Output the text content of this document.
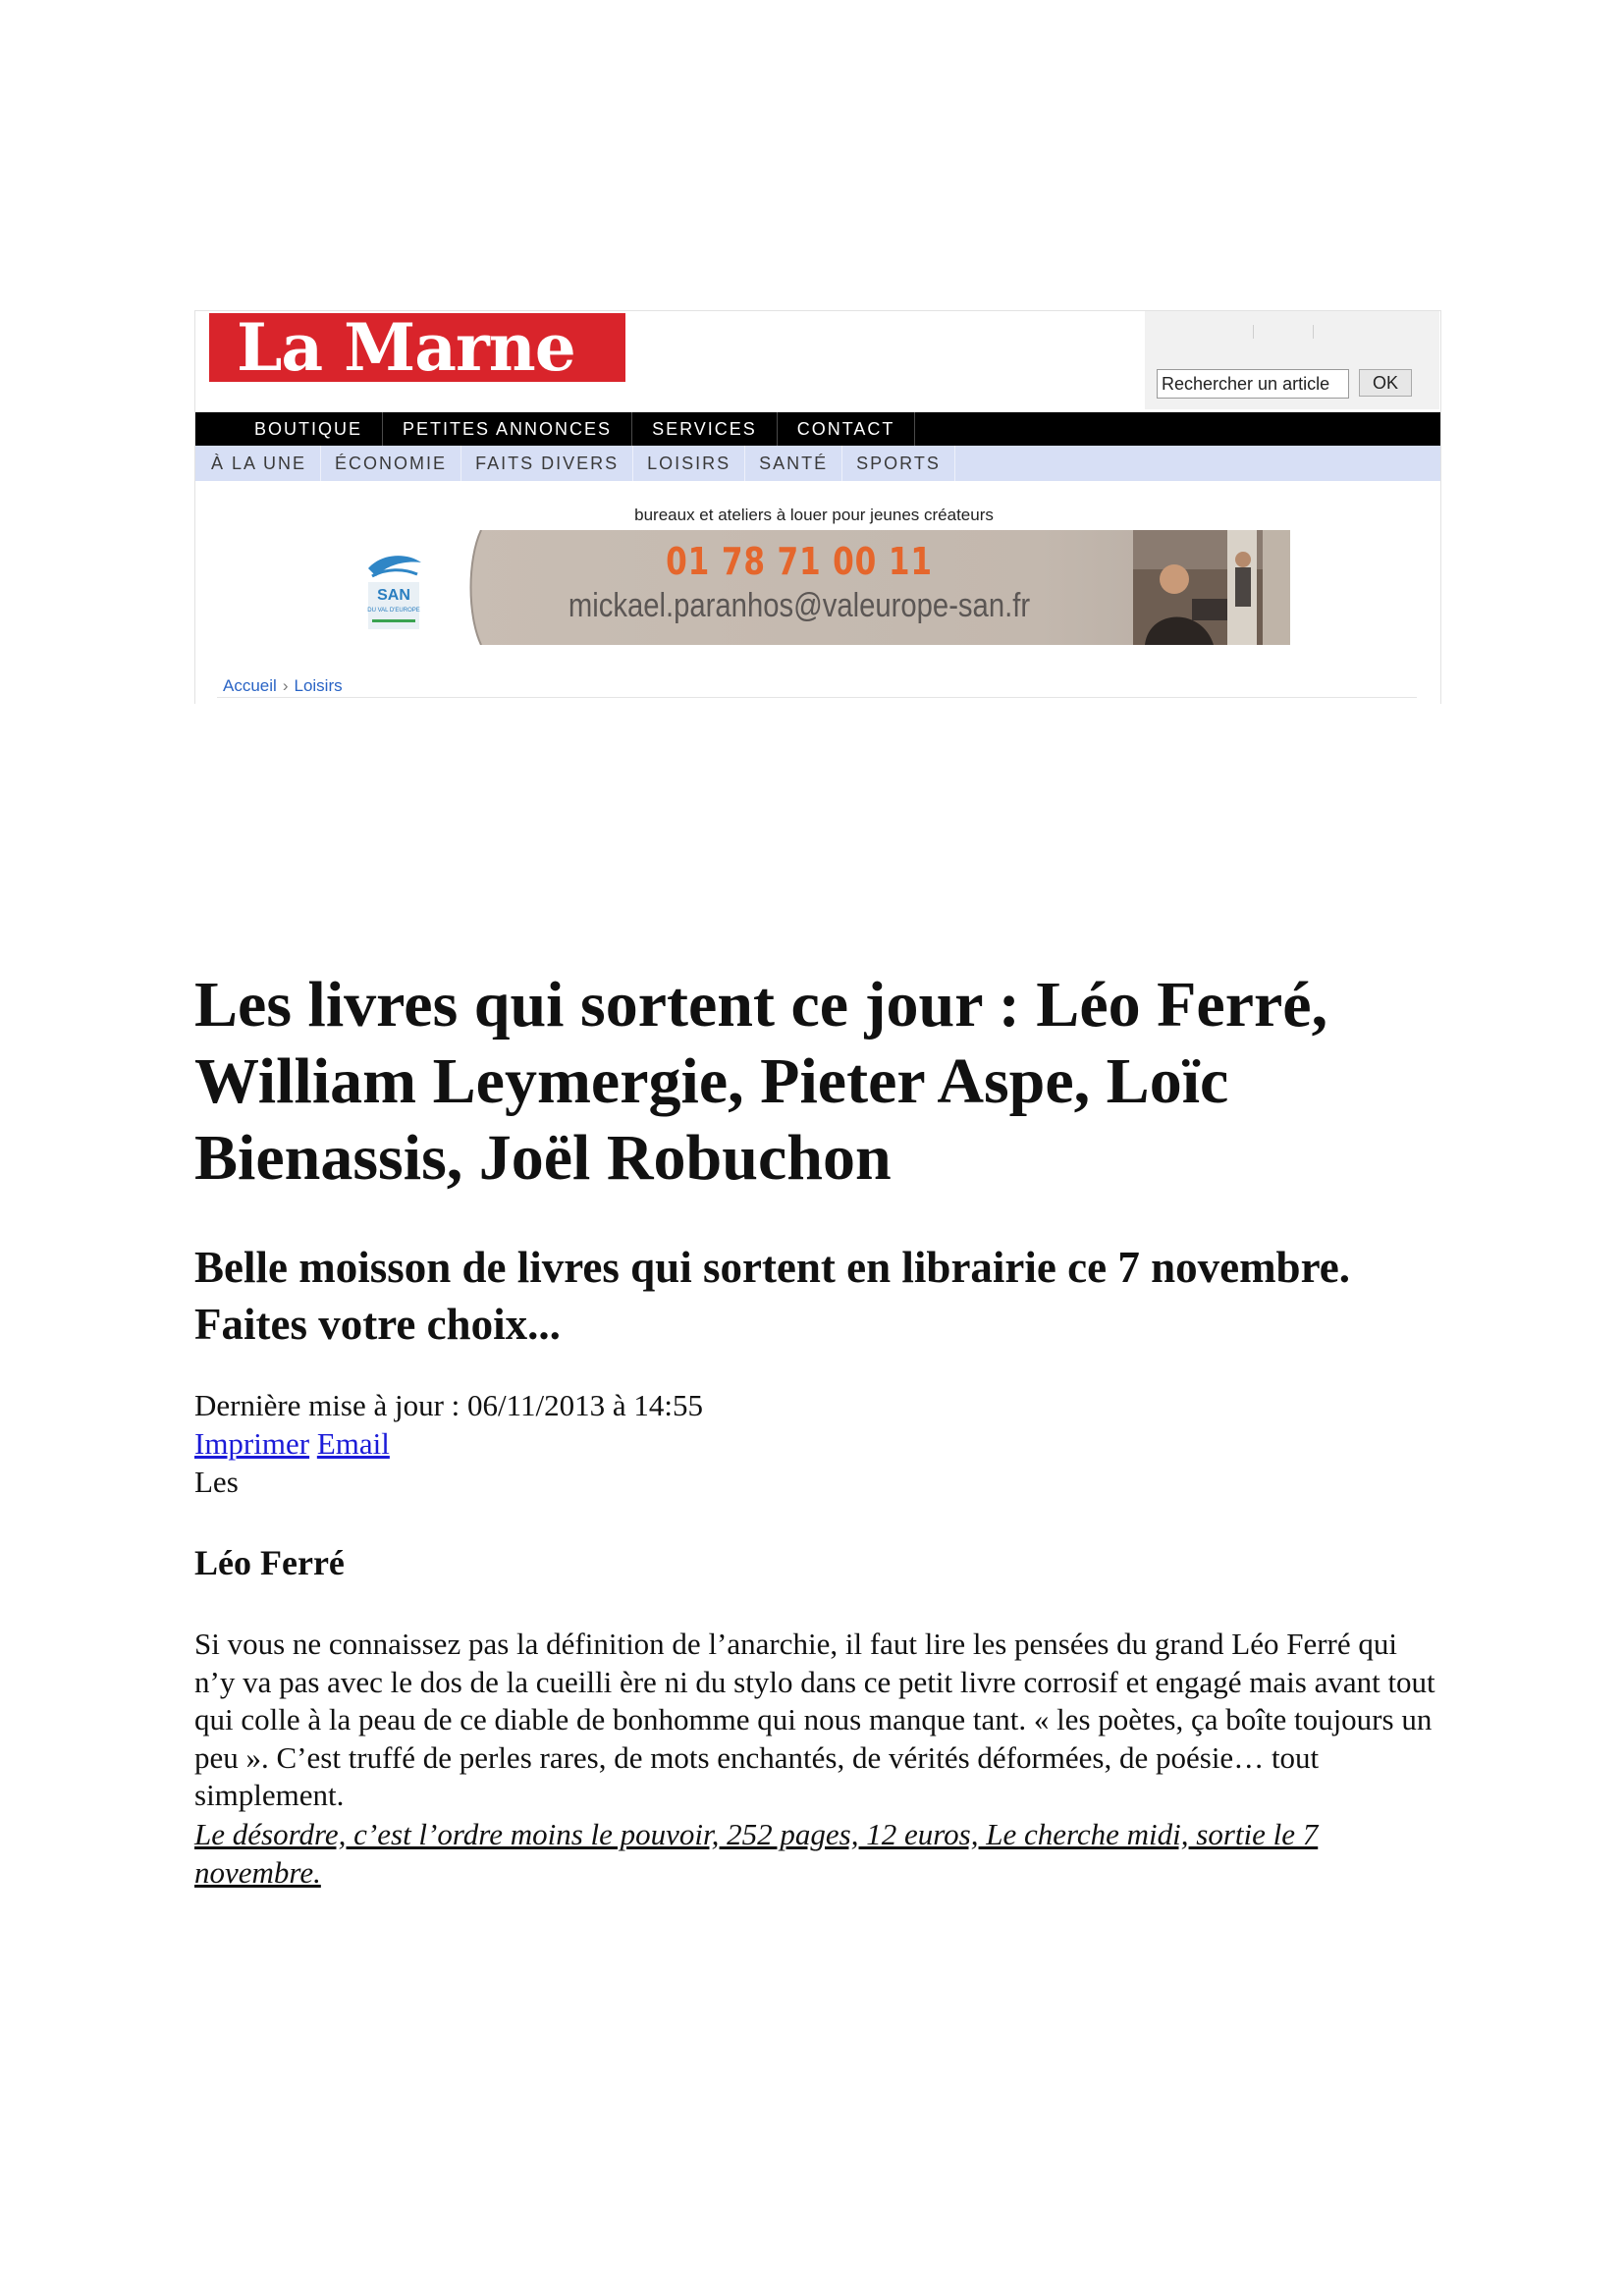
La Marne
Rechercher un article	OK
BOUTIQUE	PETITES ANNONCES	SERVICES	CONTACT
À LA UNE	ÉCONOMIE	FAITS DIVERS	LOISIRS	SANTÉ	SPORTS
bureaux et ateliers à louer pour jeunes créateurs
SAN
DU VAL D'EUROPE
01 78 71 00 11
mickael.paranhos@valeurope-san.fr
Accueil › Loisirs
Les livres qui sortent ce jour : Léo Ferré, William Leymergie, Pieter Aspe, Loïc Bienassis, Joël Robuchon
Belle moisson de livres qui sortent en librairie ce 7 novembre. Faites votre choix...
Dernière mise à jour : 06/11/2013 à 14:55
Imprimer Email
Les
Léo Ferré

Si vous ne connaissez pas la définition de l’anarchie, il faut lire les pensées du grand Léo Ferré qui n’y va pas avec le dos de la cueilli ère ni du stylo dans ce petit livre corrosif et engagé mais avant tout qui colle à la peau de ce diable de bonhomme qui nous manque tant. « les poètes, ça boîte toujours un peu ». C’est truffé de perles rares, de mots enchantés, de vérités déformées, de poésie… tout simplement.

Le désordre, c’est l’ordre moins le pouvoir, 252 pages, 12 euros, Le cherche midi, sortie le 7 novembre.
